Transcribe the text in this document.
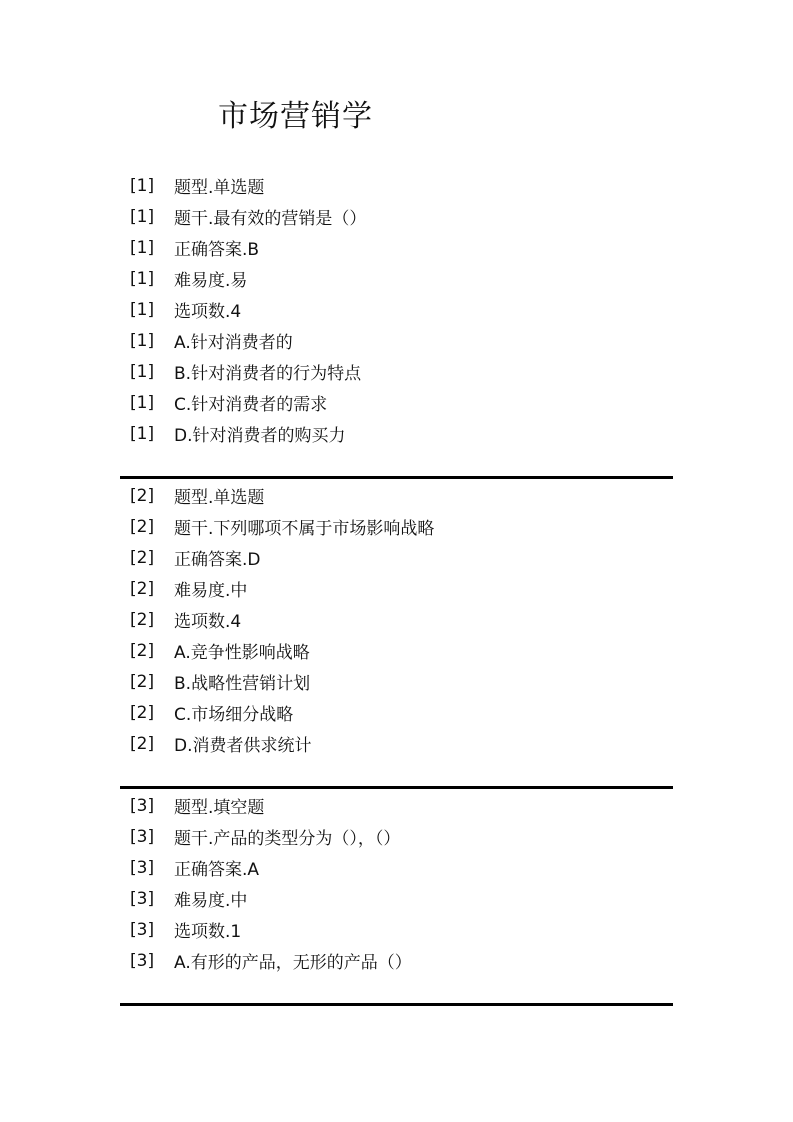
市场营销学
[1]	题型.单选题
[1]	题干.最有效的营销是（）
[1]	正确答案.B
[1]	难易度.易
[1]	选项数.4
[1]	A.针对消费者的
[1]	B.针对消费者的行为特点
[1]	C.针对消费者的需求
[1]	D.针对消费者的购买力
[2]	题型.单选题
[2]	题干.下列哪项不属于市场影响战略
[2]	正确答案.D
[2]	难易度.中
[2]	选项数.4
[2]	A.竞争性影响战略
[2]	B.战略性营销计划
[2]	C.市场细分战略
[2]	D.消费者供求统计
[3]	题型.填空题
[3]	题干.产品的类型分为（），（）
[3]	正确答案.A
[3]	难易度.中
[3]	选项数.1
[3]	A.有形的产品，无形的产品（）
